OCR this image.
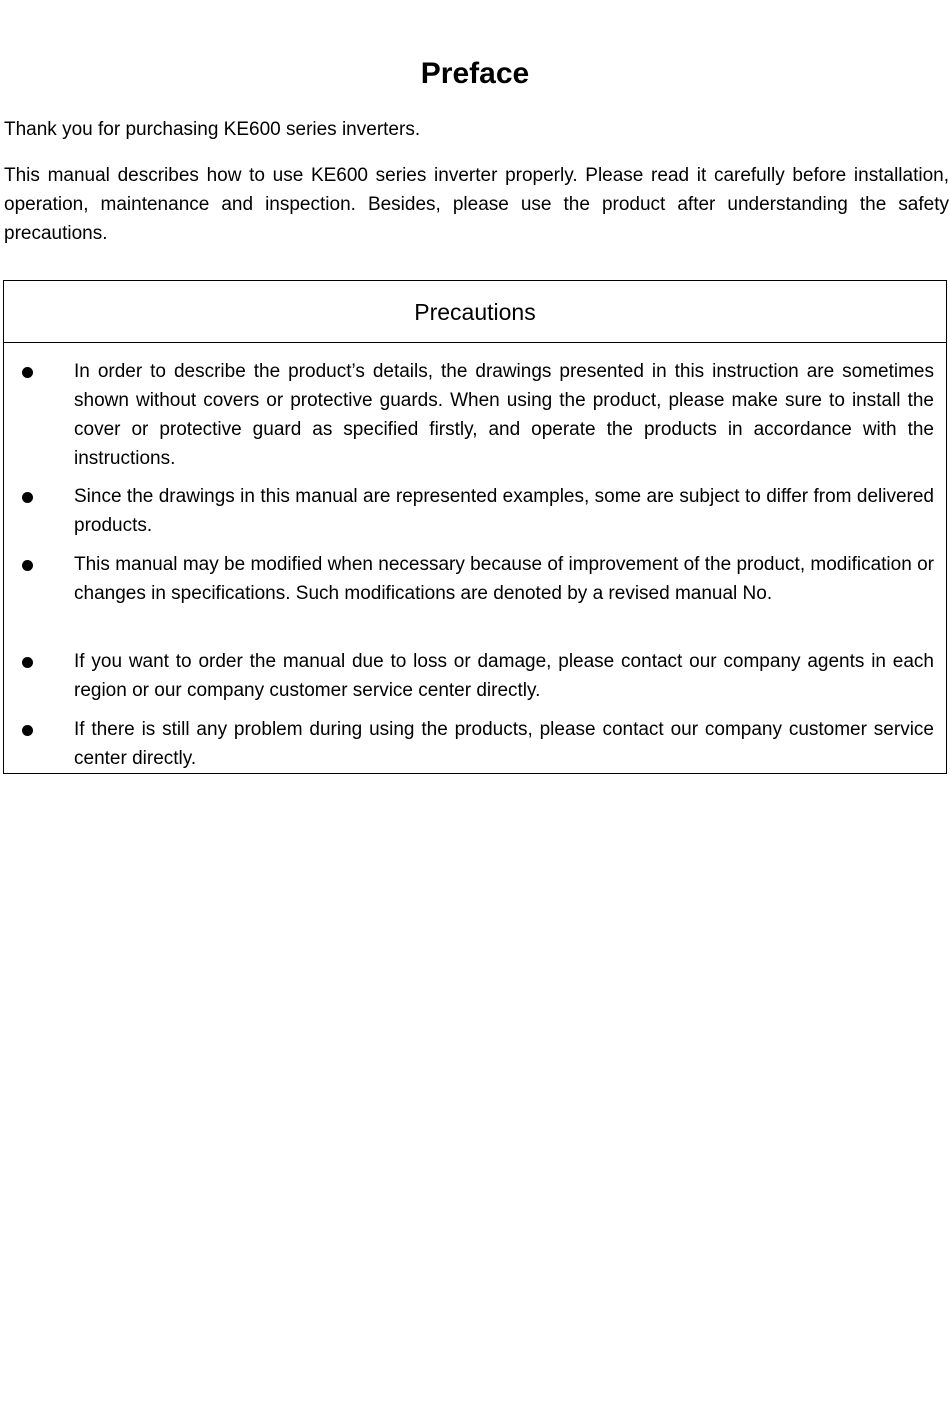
Preface

Thank you for purchasing KE600 series inverters.

This manual describes how to use KE600 series inverter properly. Please read it carefully before installation, operation, maintenance and inspection. Besides, please use the product after understanding the safety precautions.

Precautions

In order to describe the product’s details, the drawings presented in this instruction are sometimes shown without covers or protective guards. When using the product, please make sure to install the cover or protective guard as specified firstly, and operate the products in accordance with the instructions.

Since the drawings in this manual are represented examples, some are subject to differ from delivered products.

This manual may be modified when necessary because of improvement of the product, modification or changes in specifications. Such modifications are denoted by a revised manual No.

If you want to order the manual due to loss or damage, please contact our company agents in each region or our company customer service center directly.

If there is still any problem during using the products, please contact our company customer service center directly.
